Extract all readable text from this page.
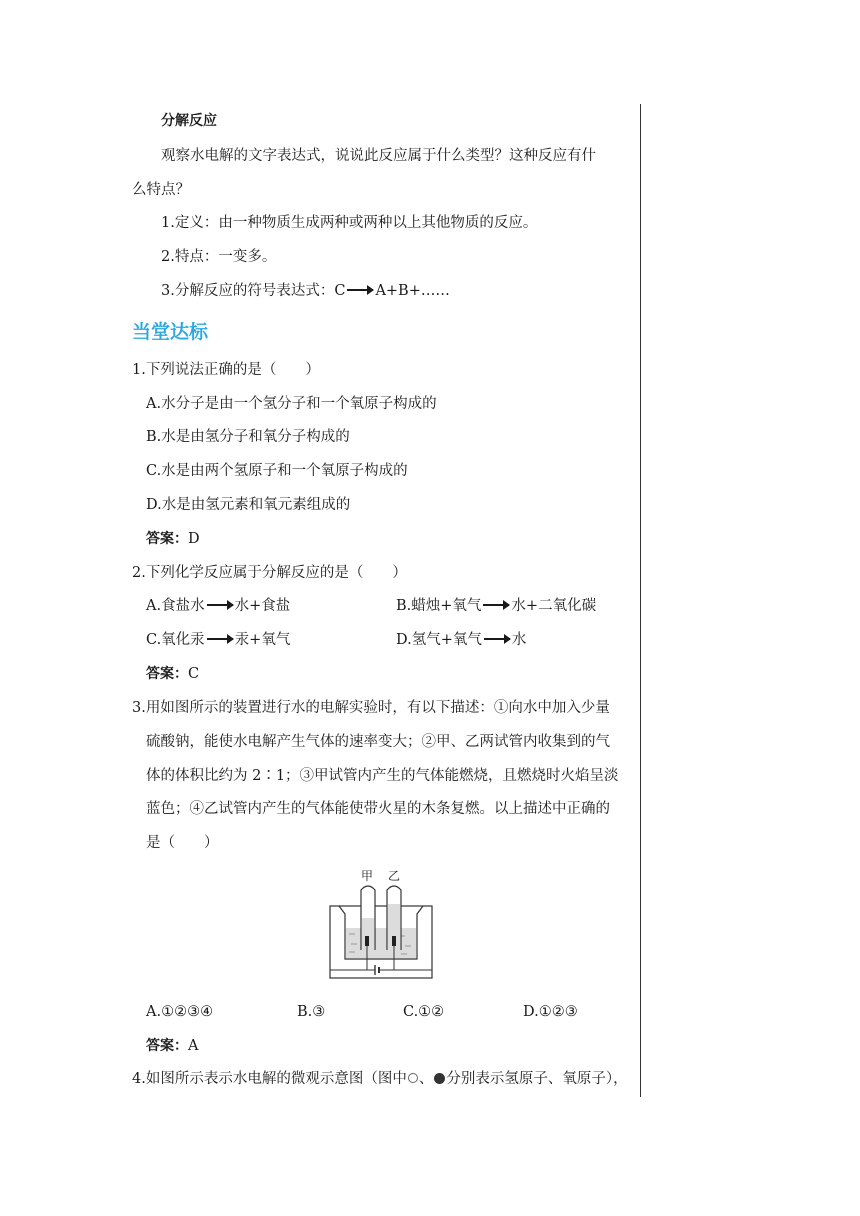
分解反应
观察水电解的文字表达式，说说此反应属于什么类型？这种反应有什
么特点？
1.定义：由一种物质生成两种或两种以上其他物质的反应。
2.特点：一变多。
3.分解反应的符号表达式：C → A+B+……
当堂达标
1.下列说法正确的是（　　）
A.水分子是由一个氢分子和一个氧原子构成的
B.水是由氢分子和氧分子构成的
C.水是由两个氢原子和一个氧原子构成的
D.水是由氢元素和氧元素组成的
答案：D
2.下列化学反应属于分解反应的是（　　）
A.食盐水 → 水+食盐	B.蜡烛+氧气 → 水+二氧化碳
C.氧化汞 → 汞+氧气	D.氢气+氧气 → 水
答案：C
3.用如图所示的装置进行水的电解实验时，有以下描述：①向水中加入少量
硫酸钠，能使水电解产生气体的速率变大；②甲、乙两试管内收集到的气
体的体积比约为 2∶1；③甲试管内产生的气体能燃烧，且燃烧时火焰呈淡
蓝色；④乙试管内产生的气体能使带火星的木条复燃。以上描述中正确的
是（　　）
甲 乙
A.①②③④	B.③	C.①②	D.①②③
答案：A
4.如图所示表示水电解的微观示意图（图中 、 分别表示氢原子、氧原子），
